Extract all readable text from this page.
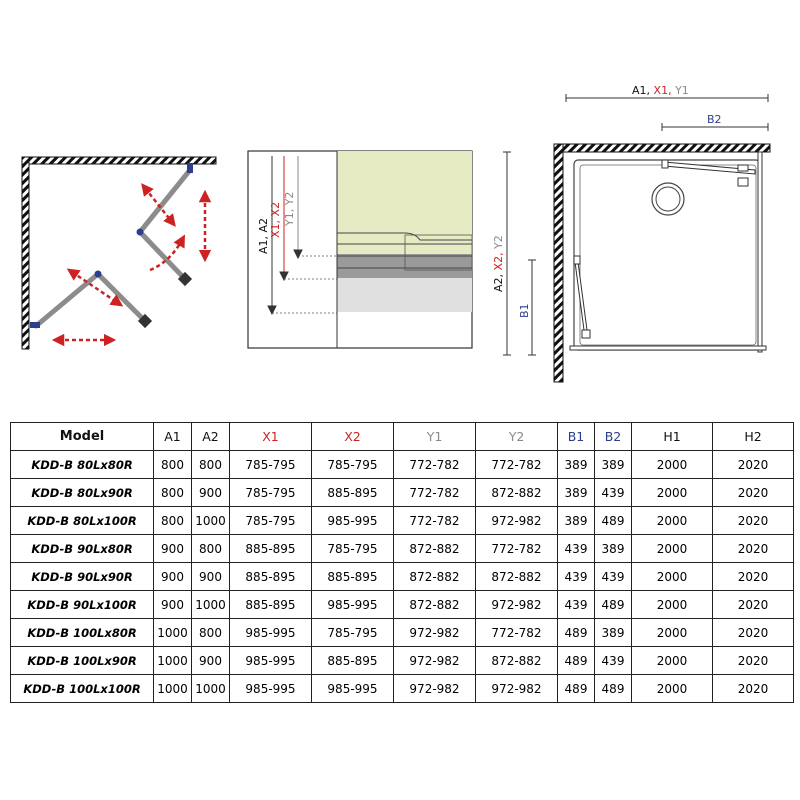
A1, A2 X1, X2 Y1, Y2
A1, X1, Y1
B2
A2, X2, Y2
B1
Model	A1	A2	X1	X2	Y1	Y2	B1	B2	H1	H2
KDD-B 80Lx80R	800	800	785-795	785-795	772-782	772-782	389	389	2000	2020
KDD-B 80Lx90R	800	900	785-795	885-895	772-782	872-882	389	439	2000	2020
KDD-B 80Lx100R	800	1000	785-795	985-995	772-782	972-982	389	489	2000	2020
KDD-B 90Lx80R	900	800	885-895	785-795	872-882	772-782	439	389	2000	2020
KDD-B 90Lx90R	900	900	885-895	885-895	872-882	872-882	439	439	2000	2020
KDD-B 90Lx100R	900	1000	885-895	985-995	872-882	972-982	439	489	2000	2020
KDD-B 100Lx80R	1000	800	985-995	785-795	972-982	772-782	489	389	2000	2020
KDD-B 100Lx90R	1000	900	985-995	885-895	972-982	872-882	489	439	2000	2020
KDD-B 100Lx100R	1000	1000	985-995	985-995	972-982	972-982	489	489	2000	2020
